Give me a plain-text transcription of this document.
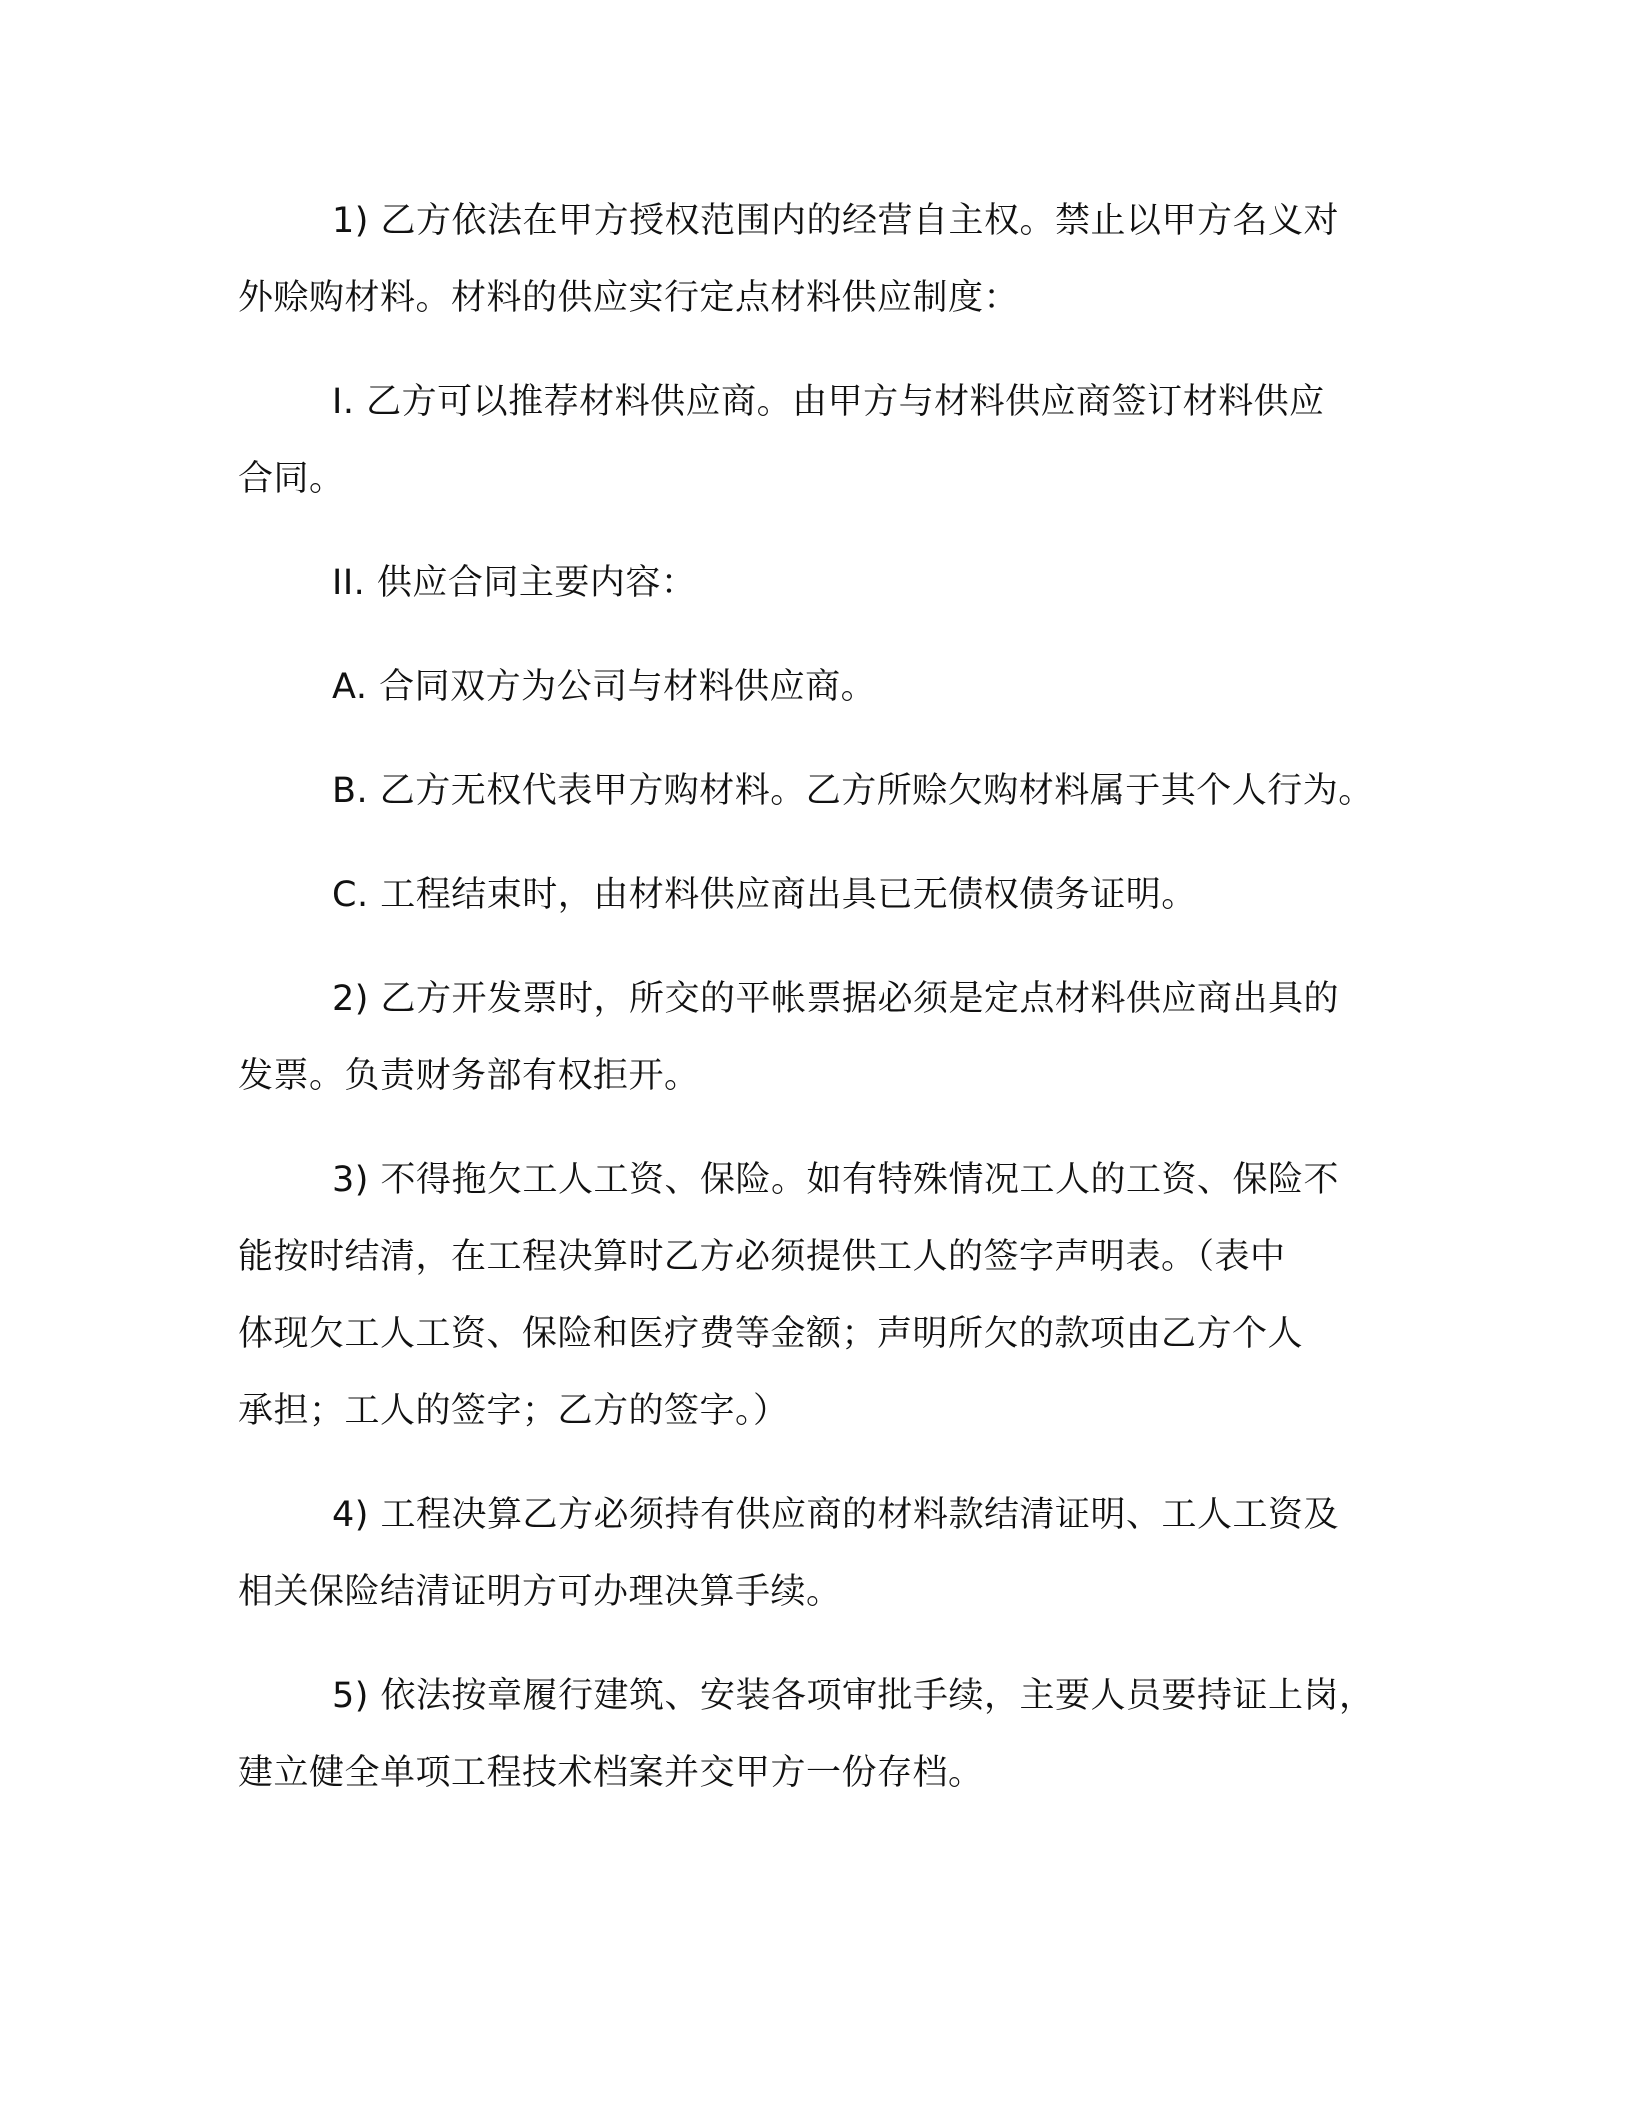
1) 乙方依法在甲方授权范围内的经营自主权。禁止以甲方名义对
外赊购材料。材料的供应实行定点材料供应制度：
I. 乙方可以推荐材料供应商。由甲方与材料供应商签订材料供应
合同。
II. 供应合同主要内容：
A. 合同双方为公司与材料供应商。
B. 乙方无权代表甲方购材料。乙方所赊欠购材料属于其个人行为。
C. 工程结束时，由材料供应商出具已无债权债务证明。
2) 乙方开发票时，所交的平帐票据必须是定点材料供应商出具的
发票。负责财务部有权拒开。
3) 不得拖欠工人工资、保险。如有特殊情况工人的工资、保险不
能按时结清，在工程决算时乙方必须提供工人的签字声明表。（表中
体现欠工人工资、保险和医疗费等金额；声明所欠的款项由乙方个人
承担；工人的签字；乙方的签字。）
4) 工程决算乙方必须持有供应商的材料款结清证明、工人工资及
相关保险结清证明方可办理决算手续。
5) 依法按章履行建筑、安装各项审批手续，主要人员要持证上岗，
建立健全单项工程技术档案并交甲方一份存档。
